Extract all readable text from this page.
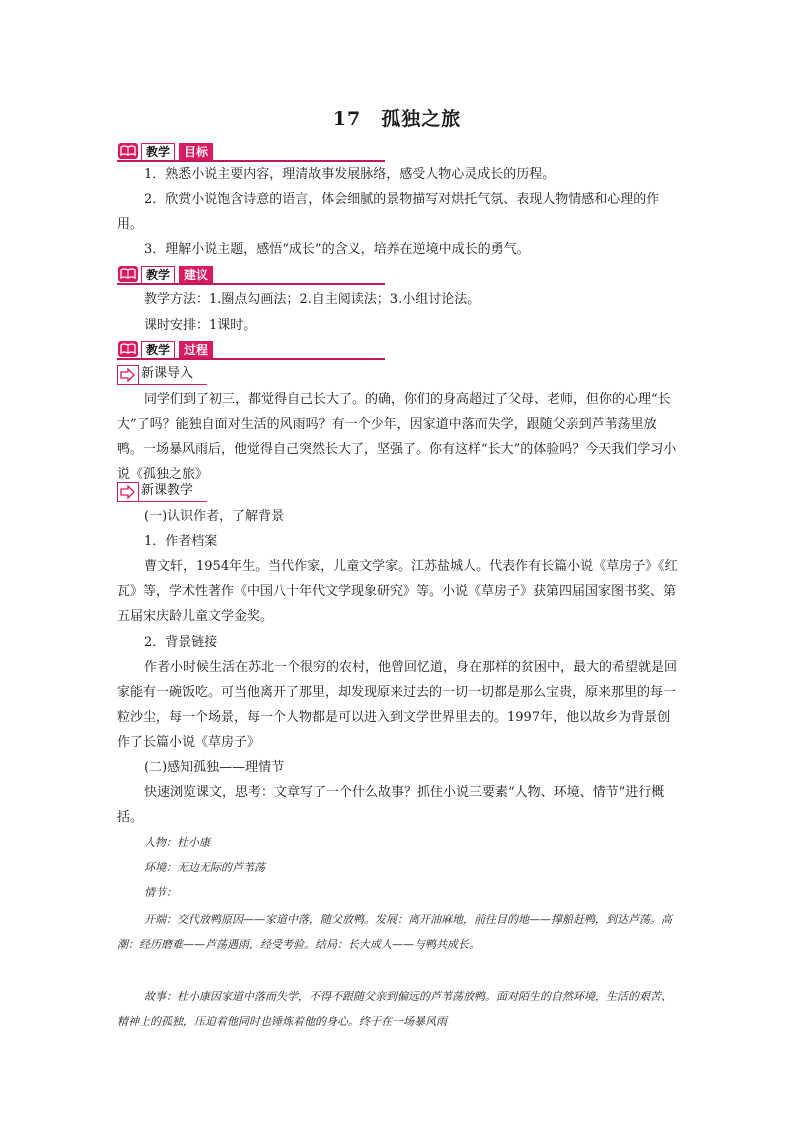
17　孤独之旅
教学	目标

1．熟悉小说主要内容，理清故事发展脉络，感受人物心灵成长的历程。

2．欣赏小说饱含诗意的语言，体会细腻的景物描写对烘托气氛、表现人物情感和心理的作用。

3．理解小说主题，感悟“成长”的含义，培养在逆境中成长的勇气。

教学	建议

教学方法：1.圈点勾画法；2.自主阅读法；3.小组讨论法。

课时安排：1课时。

教学	过程
新课导入

同学们到了初三，都觉得自己长大了。的确，你们的身高超过了父母、老师，但你的心理“长大”了吗？能独自面对生活的风雨吗？有一个少年，因家道中落而失学，跟随父亲到芦苇荡里放鸭。一场暴风雨后，他觉得自己突然长大了，坚强了。你有这样“长大”的体验吗？今天我们学习小说《孤独之旅》

新课教学

(一)认识作者，了解背景

1．作者档案

曹文轩，1954年生。当代作家，儿童文学家。江苏盐城人。代表作有长篇小说《草房子》《红瓦》等，学术性著作《中国八十年代文学现象研究》等。小说《草房子》获第四届国家图书奖、第五届宋庆龄儿童文学金奖。

2．背景链接

作者小时候生活在苏北一个很穷的农村，他曾回忆道，身在那样的贫困中，最大的希望就是回家能有一碗饭吃。可当他离开了那里，却发现原来过去的一切一切都是那么宝贵，原来那里的每一粒沙尘，每一个场景，每一个人物都是可以进入到文学世界里去的。1997年，他以故乡为背景创作了长篇小说《草房子》

(二)感知孤独——理情节

快速浏览课文，思考：文章写了一个什么故事？抓住小说三要素“人物、环境、情节”进行概括。

人物：杜小康

环境：无边无际的芦苇荡

情节：

开端：交代放鸭原因——家道中落，随父放鸭。发展：离开油麻地，前往目的地——撑船赶鸭，到达芦荡。高潮：经历磨难——芦荡遇雨，经受考验。结局：长大成人——与鸭共成长。

故事：杜小康因家道中落而失学，不得不跟随父亲到偏远的芦苇荡放鸭。面对陌生的自然环境，生活的艰苦、精神上的孤独，压迫着他同时也锤炼着他的身心。终于在一场暴风雨
